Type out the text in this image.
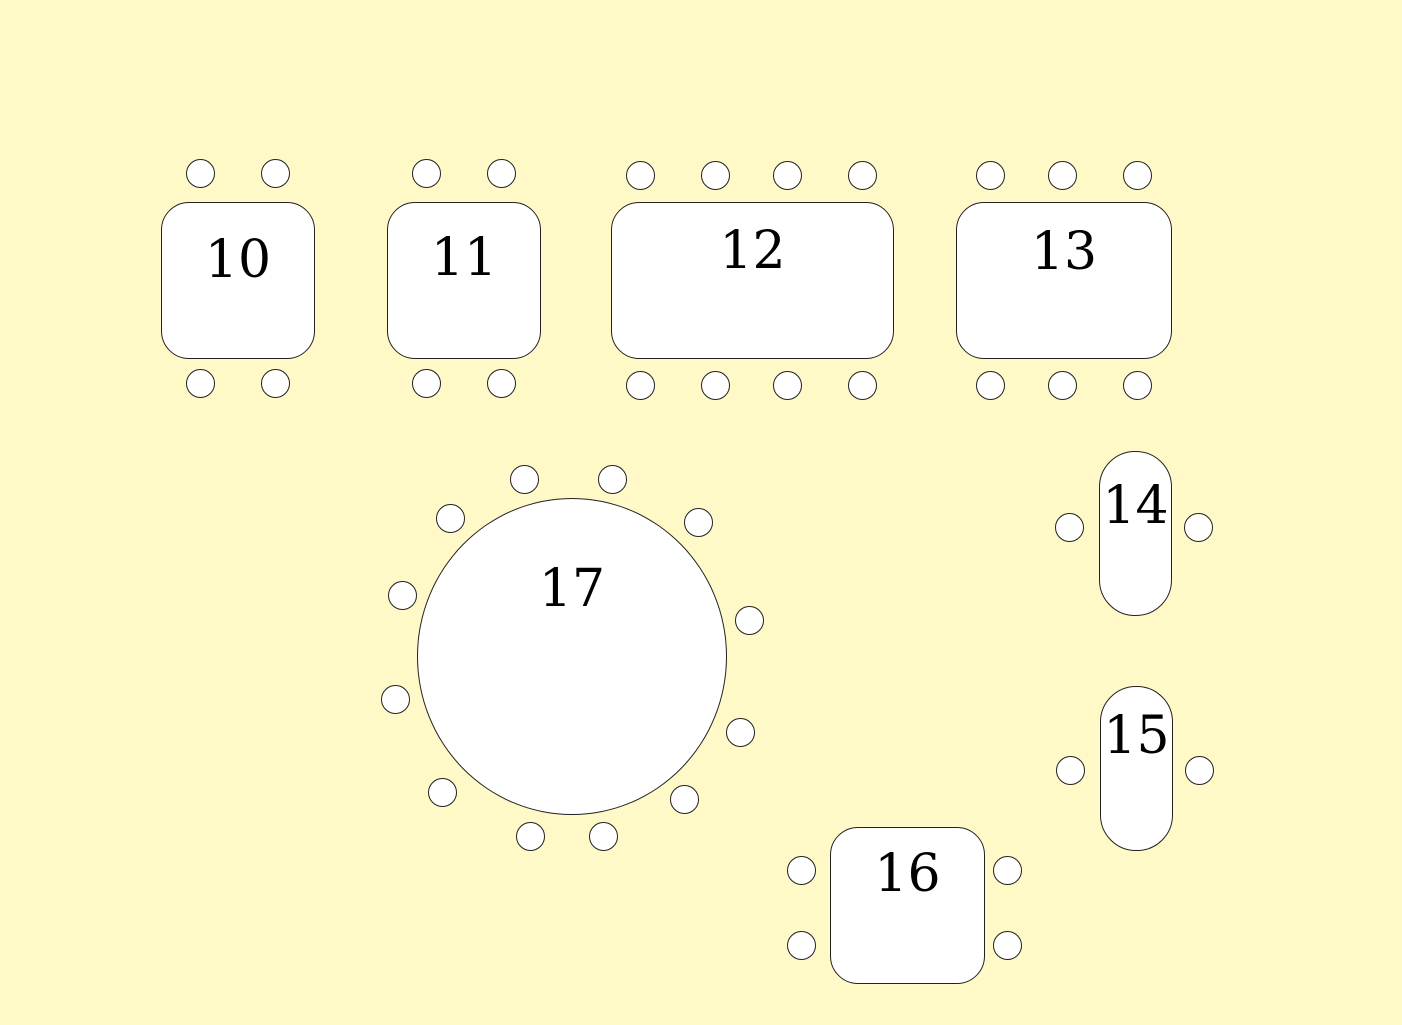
10	11	12	13
14
15
16
17
